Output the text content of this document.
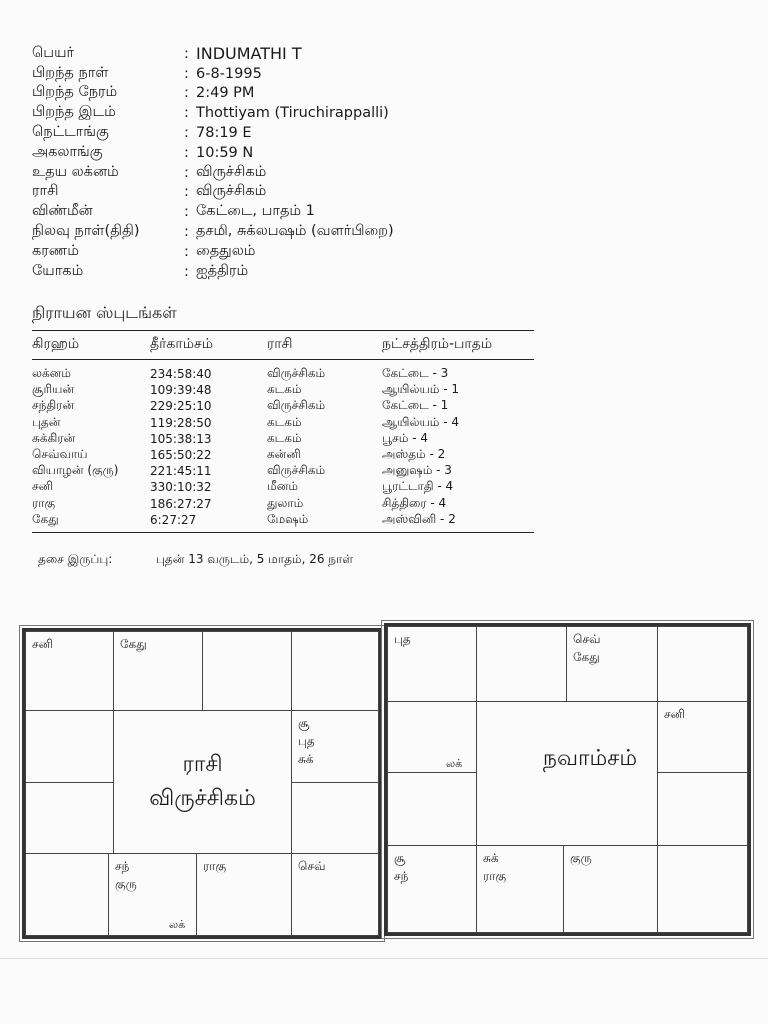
பெயர்	: INDUMATHI T
பிறந்த நாள்	: 6-8-1995
பிறந்த நேரம்	: 2:49 PM
பிறந்த இடம்	: Thottiyam (Tiruchirappalli)
நெட்டாங்கு	: 78:19 E
அகலாங்கு	: 10:59 N
உதய லக்னம்	: விருச்சிகம்
ராசி	: விருச்சிகம்
விண்மீன்	: கேட்டை, பாதம் 1
நிலவு நாள்(திதி)	: தசமி, சுக்லபஷம் (வளர்பிறை)
கரணம்	: தைதுலம்
யோகம்	: ஐத்திரம்
நிராயன ஸ்புடங்கள்
கிரஹம்	தீர்காம்சம்	ராசி	நட்சத்திரம்-பாதம்
லக்னம்	234:58:40	விருச்சிகம்	கேட்டை - 3
சூரியன்	109:39:48	கடகம்	ஆயில்யம் - 1
சந்திரன்	229:25:10	விருச்சிகம்	கேட்டை - 1
புதன்	119:28:50	கடகம்	ஆயில்யம் - 4
சுக்கிரன்	105:38:13	கடகம்	பூசம் - 4
செவ்வாய்	165:50:22	கன்னி	அஸ்தம் - 2
வியாழன் (குரு)	221:45:11	விருச்சிகம்	அனுஷம் - 3
சனி	330:10:32	மீனம்	பூரட்டாதி - 4
ராகு	186:27:27	துலாம்	சித்திரை - 4
கேது	6:27:27	மேஷம்	அஸ்வினி - 2
தசை இருப்பு:	புதன் 13 வருடம், 5 மாதம், 26 நாள்
சனி	கேது
சூ
புத
சுக்
செவ்
ராகு
சந்
குரு
லக்
ராசி
விருச்சிகம்
புத	செவ்
கேது
சனி
குரு
சுக்
ராகு
சூ
சந்
நவாம்சம்
லக்
